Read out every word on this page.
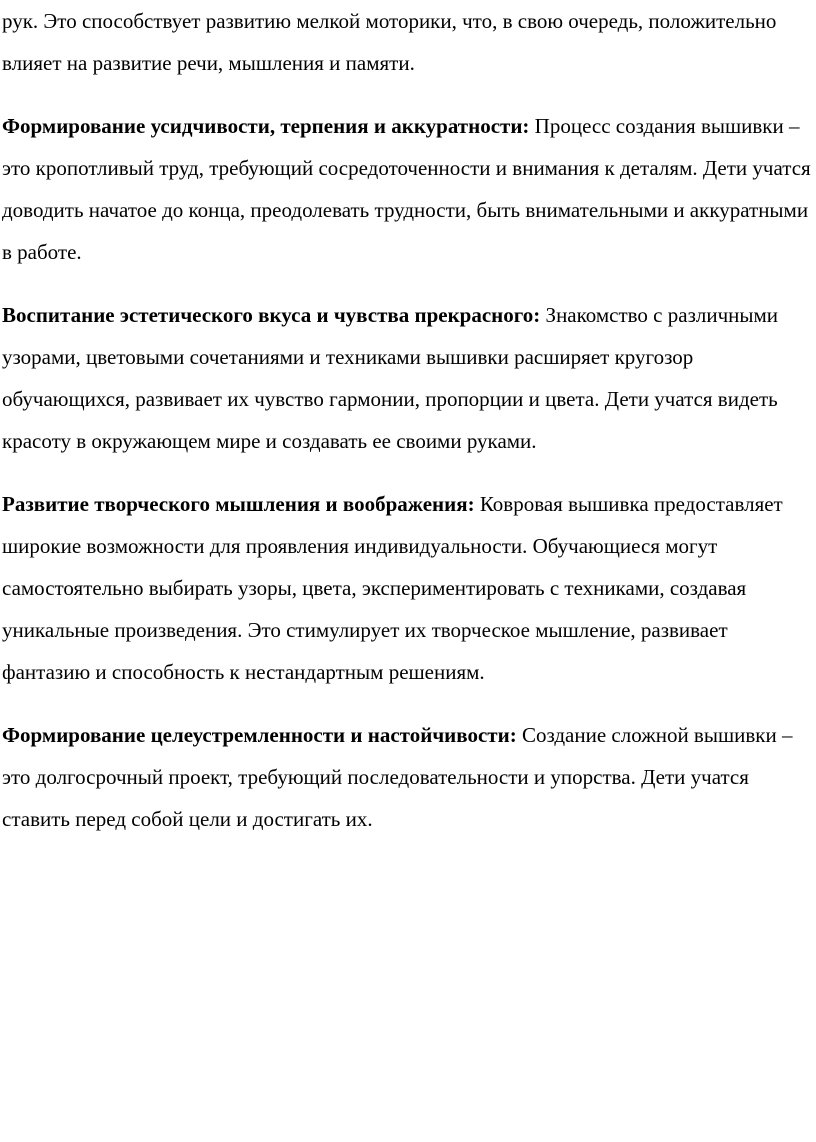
рук. Это способствует развитию мелкой моторики, что, в свою очередь, положительно влияет на развитие речи, мышления и памяти.

Формирование усидчивости, терпения и аккуратности: Процесс создания вышивки – это кропотливый труд, требующий сосредоточенности и внимания к деталям. Дети учатся доводить начатое до конца, преодолевать трудности, быть внимательными и аккуратными в работе.

Воспитание эстетического вкуса и чувства прекрасного: Знакомство с различными узорами, цветовыми сочетаниями и техниками вышивки расширяет кругозор обучающихся, развивает их чувство гармонии, пропорции и цвета. Дети учатся видеть красоту в окружающем мире и создавать ее своими руками.

Развитие творческого мышления и воображения: Ковровая вышивка предоставляет широкие возможности для проявления индивидуальности. Обучающиеся могут самостоятельно выбирать узоры, цвета, экспериментировать с техниками, создавая уникальные произведения. Это стимулирует их творческое мышление, развивает фантазию и способность к нестандартным решениям.

Формирование целеустремленности и настойчивости: Создание сложной вышивки – это долгосрочный проект, требующий последовательности и упорства. Дети учатся ставить перед собой цели и достигать их.
